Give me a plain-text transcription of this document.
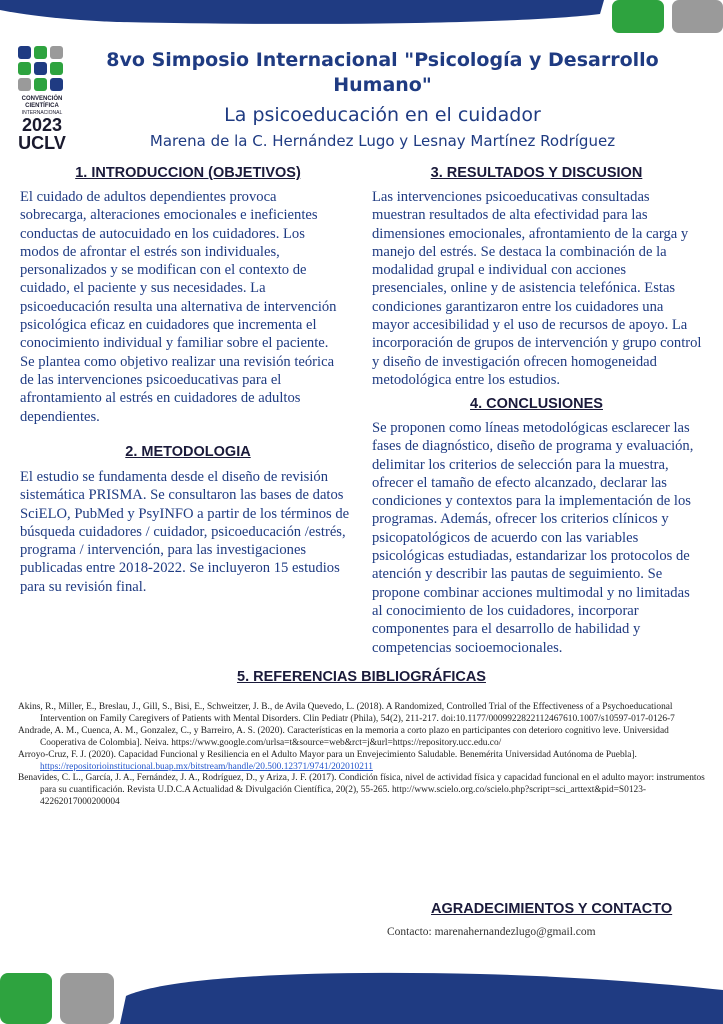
CONVENCIÓN
CIENTÍFICA
INTERNACIONAL
2023
UCLV
8vo Simposio Internacional "Psicología y Desarrollo Humano"
La psicoeducación en el cuidador
Marena de la C. Hernández Lugo y Lesnay Martínez Rodríguez
1. INTRODUCCION (OBJETIVOS)

El cuidado de adultos dependientes provoca sobrecarga, alteraciones emocionales e ineficientes conductas de autocuidado en los cuidadores. Los modos de afrontar el estrés son individuales, personalizados y se modifican con el contexto de cuidado, el paciente y sus necesidades. La psicoeducación resulta una alternativa de intervención psicológica eficaz en cuidadores que incrementa el conocimiento individual y familiar sobre el paciente. Se plantea como objetivo realizar una revisión teórica de las intervenciones psicoeducativas para el afrontamiento al estrés en cuidadores de adultos dependientes.

2. METODOLOGIA

El estudio se fundamenta desde el diseño de revisión sistemática PRISMA. Se consultaron las bases de datos SciELO, PubMed y PsyINFO a partir de los términos de búsqueda cuidadores / cuidador, psicoeducación /estrés, programa / intervención, para las investigaciones publicadas entre 2018-2022. Se incluyeron 15 estudios para su revisión final.

3. RESULTADOS Y DISCUSION

Las intervenciones psicoeducativas consultadas muestran resultados de alta efectividad para las dimensiones emocionales, afrontamiento de la carga y manejo del estrés. Se destaca la combinación de la modalidad grupal e individual con acciones presenciales, online y de asistencia telefónica. Estas condiciones garantizaron entre los cuidadores una mayor accesibilidad y el uso de recursos de apoyo. La incorporación de grupos de intervención y grupo control y diseño de investigación ofrecen homogeneidad metodológica entre los estudios.

4. CONCLUSIONES

Se proponen como líneas metodológicas esclarecer las fases de diagnóstico, diseño de programa y evaluación, delimitar los criterios de selección para la muestra, ofrecer el tamaño de efecto alcanzado, declarar las condiciones y contextos para la implementación de los programas. Además, ofrecer los criterios clínicos y psicopatológicos de acuerdo con las variables psicológicas estudiadas, estandarizar los protocolos de atención y describir las pautas de seguimiento. Se propone combinar acciones multimodal y no limitadas al conocimiento de los cuidadores, incorporar componentes para el desarrollo de habilidad y competencias socioemocionales.

5. REFERENCIAS BIBLIOGRÁFICAS

Akins, R., Miller, E., Breslau, J., Gill, S., Bisi, E., Schweitzer, J. B., de Avila Quevedo, L. (2018). A Randomized, Controlled Trial of the Effectiveness of a Psychoeducational Intervention on Family Caregivers of Patients with Mental Disorders. Clin Pediatr (Phila), 54(2), 211-217. doi:10.1177/0009922822112467610.1007/s10597-017-0126-7

Andrade, A. M., Cuenca, A. M., Gonzalez, C., y Barreiro, A. S. (2020). Características en la memoria a corto plazo en participantes con deterioro cognitivo leve. Universidad Cooperativa de Colombia]. Neiva. https://www.google.com/urlsa=t&source=web&rct=j&url=https://repository.ucc.edu.co/

Arroyo-Cruz, F. J. (2020). Capacidad Funcional y Resiliencia en el Adulto Mayor para un Envejecimiento Saludable. Benemérita Universidad Autónoma de Puebla]. https://repositorioinstitucional.buap.mx/bitstream/handle/20.500.12371/9741/202010211

Benavides, C. L., García, J. A., Fernández, J. A., Rodríguez, D., y Ariza, J. F. (2017). Condición física, nivel de actividad física y capacidad funcional en el adulto mayor: instrumentos para su cuantificación. Revista U.D.C.A Actualidad & Divulgación Científica, 20(2), 55-265. http://www.scielo.org.co/scielo.php?script=sci_arttext&pid=S0123-42262017000200004

AGRADECIMIENTOS Y CONTACTO
Contacto: marenahernandezlugo@gmail.com
